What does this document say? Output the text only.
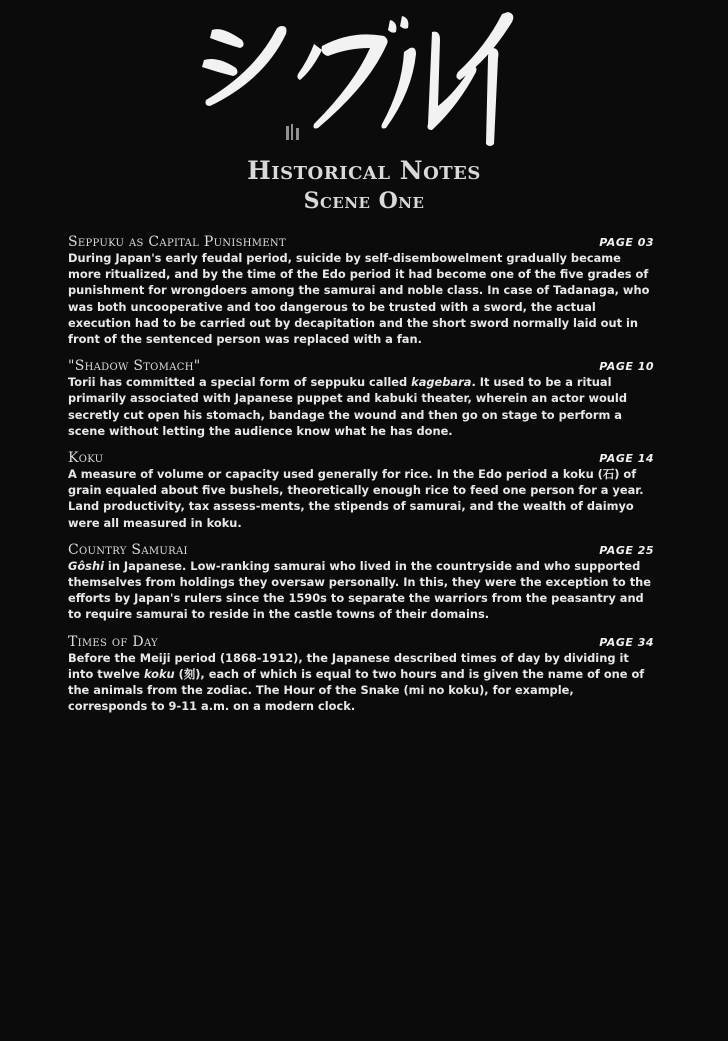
Historical Notes
Scene One
Seppuku as Capital Punishment	PAGE 03

During Japan's early feudal period, suicide by self-disembowelment gradually became more ritualized, and by the time of the Edo period it had become one of the five grades of punishment for wrongdoers among the samurai and noble class. In case of Tadanaga, who was both uncooperative and too dangerous to be trusted with a sword, the actual execution had to be carried out by decapitation and the short sword normally laid out in front of the sentenced person was replaced with a fan.

"Shadow Stomach"	PAGE 10

Torii has committed a special form of seppuku called kagebara. It used to be a ritual primarily associated with Japanese puppet and kabuki theater, wherein an actor would secretly cut open his stomach, bandage the wound and then go on stage to perform a scene without letting the audience know what he has done.

Koku	PAGE 14

A measure of volume or capacity used generally for rice. In the Edo period a koku (石) of grain equaled about five bushels, theoretically enough rice to feed one person for a year. Land productivity, tax assess-ments, the stipends of samurai, and the wealth of daimyo were all measured in koku.

Country Samurai	PAGE 25

Gôshi in Japanese. Low-ranking samurai who lived in the countryside and who supported themselves from holdings they oversaw personally. In this, they were the exception to the efforts by Japan's rulers since the 1590s to separate the warriors from the peasantry and to require samurai to reside in the castle towns of their domains.

Times of Day	PAGE 34

Before the Meiji period (1868-1912), the Japanese described times of day by dividing it into twelve koku (刻), each of which is equal to two hours and is given the name of one of the animals from the zodiac. The Hour of the Snake (mi no koku), for example, corresponds to 9-11 a.m. on a modern clock.
